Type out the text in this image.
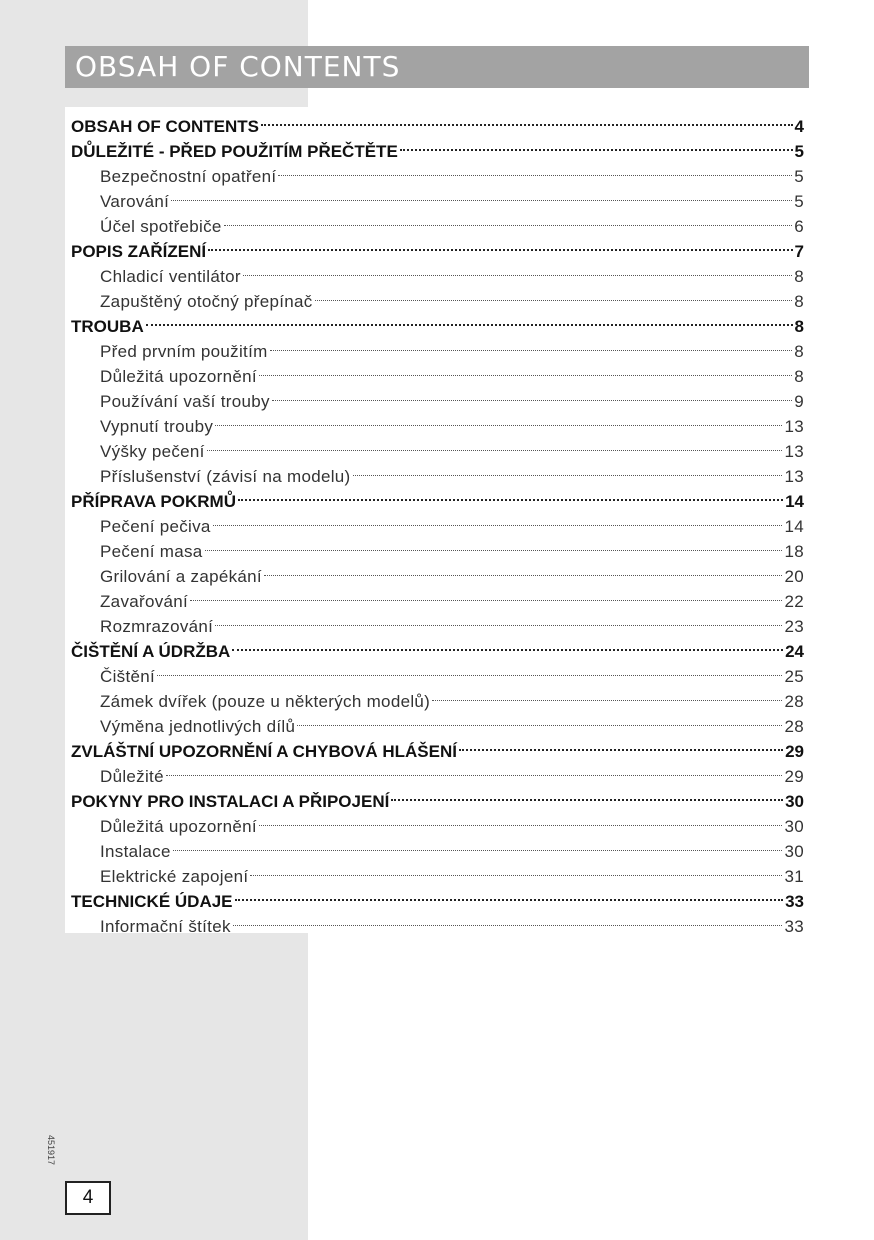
OBSAH OF CONTENTS
OBSAH OF CONTENTS	4
DŮLEŽITÉ - PŘED POUŽITÍM PŘEČTĚTE	5
Bezpečnostní opatření	5
Varování	5
Účel spotřebiče	6
POPIS ZAŘÍZENÍ	7
Chladicí ventilátor	8
Zapuštěný otočný přepínač	8
TROUBA	8
Před prvním použitím	8
Důležitá upozornění	8
Používání vaší trouby	9
Vypnutí trouby	13
Výšky pečení	13
Příslušenství (závisí na modelu)	13
PŘÍPRAVA POKRMŮ	14
Pečení pečiva	14
Pečení masa	18
Grilování a zapékání	20
Zavařování	22
Rozmrazování	23
ČIŠTĚNÍ A ÚDRŽBA	24
Čištění	25
Zámek dvířek (pouze u některých modelů)	28
Výměna jednotlivých dílů	28
ZVLÁŠTNÍ UPOZORNĚNÍ A CHYBOVÁ HLÁŠENÍ	29
Důležité	29
POKYNY PRO INSTALACI A PŘIPOJENÍ	30
Důležitá upozornění	30
Instalace	30
Elektrické zapojení	31
TECHNICKÉ ÚDAJE	33
Informační štítek	33
451917
4
